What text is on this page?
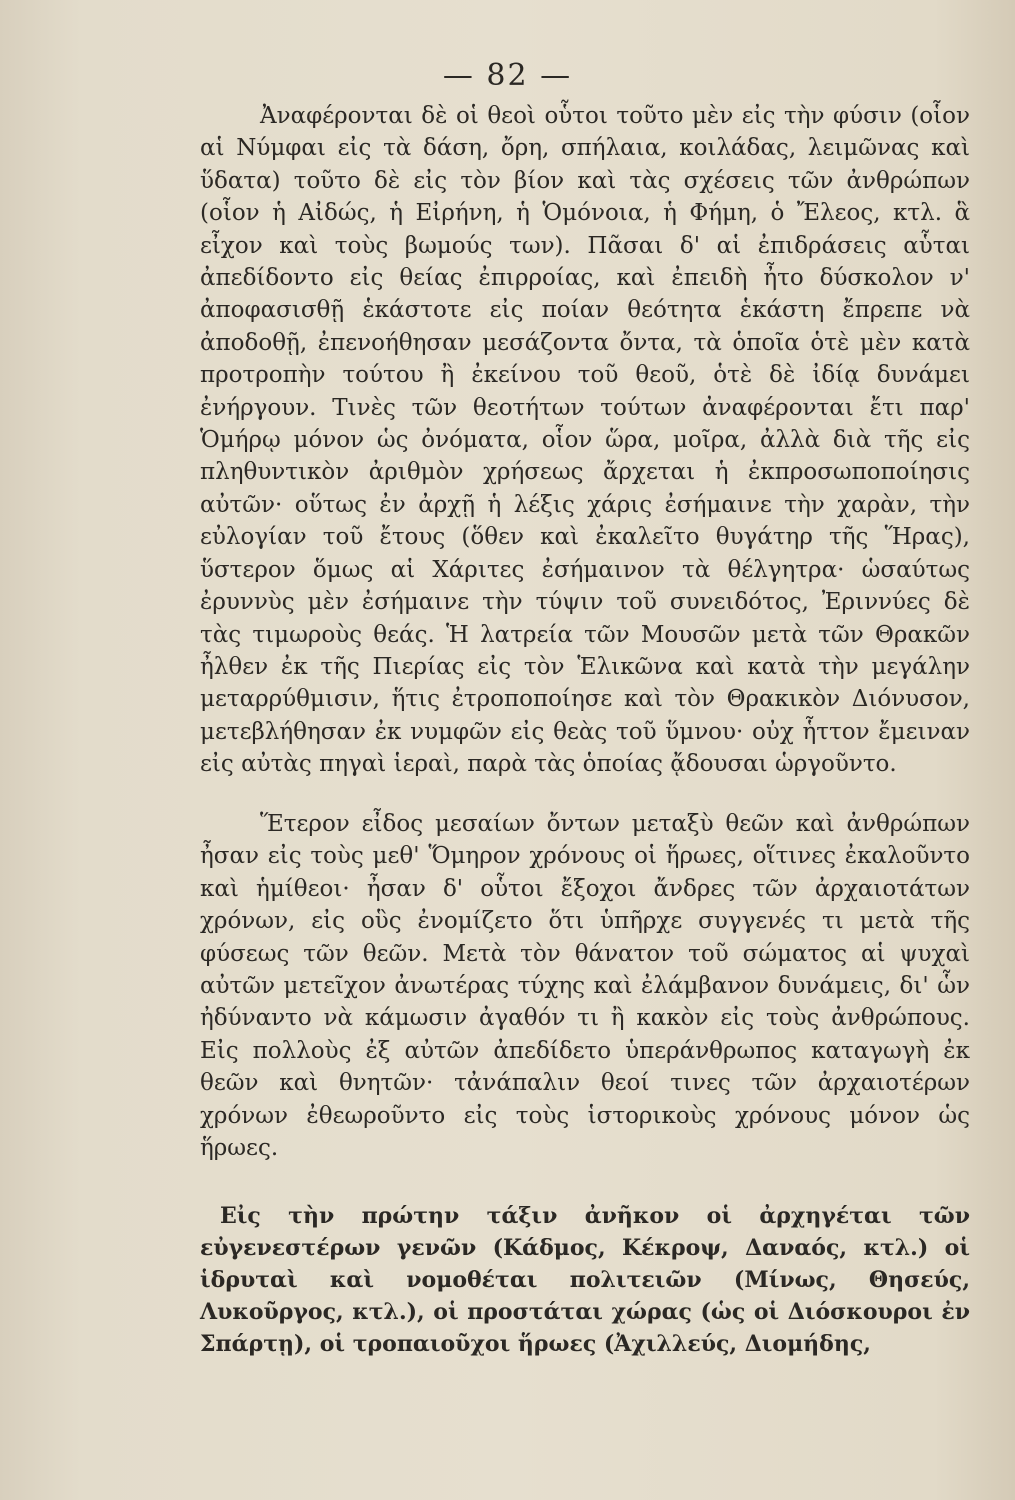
— 82 —

Ἀναφέρονται δὲ οἱ θεοὶ οὗτοι τοῦτο μὲν εἰς τὴν φύσιν (οἷον αἱ Νύμφαι εἰς τὰ δάση, ὄρη, σπήλαια, κοιλάδας, λειμῶνας καὶ ὕδατα) τοῦτο δὲ εἰς τὸν βίον καὶ τὰς σχέσεις τῶν ἀνθρώπων (οἷον ἡ Αἰδώς, ἡ Εἰρήνη, ἡ Ὁμόνοια, ἡ Φήμη, ὁ Ἔλεος, κτλ. ἃ εἶχον καὶ τοὺς βωμούς των). Πᾶσαι δ' αἱ ἐπιδράσεις αὗται ἀπεδίδοντο εἰς θείας ἐπιρροίας, καὶ ἐπειδὴ ἦτο δύσκολον ν' ἀποφασισθῇ ἑκάστοτε εἰς ποίαν θεότητα ἑκάστη ἔπρεπε νὰ ἀποδοθῇ, ἐπενοήθησαν μεσάζοντα ὄντα, τὰ ὁποῖα ὁτὲ μὲν κατὰ προτροπὴν τούτου ἢ ἐκείνου τοῦ θεοῦ, ὁτὲ δὲ ἰδίᾳ δυνάμει ἐνήργουν. Τινὲς τῶν θεοτήτων τούτων ἀναφέρονται ἔτι παρ' Ὁμήρῳ μόνον ὡς ὀνόματα, οἷον ὥρα, μοῖρα, ἀλλὰ διὰ τῆς εἰς πληθυντικὸν ἀριθμὸν χρήσεως ἄρχεται ἡ ἐκπροσωποποίησις αὐτῶν· οὕτως ἐν ἀρχῇ ἡ λέξις χάρις ἐσήμαινε τὴν χαρὰν, τὴν εὐλογίαν τοῦ ἔτους (ὅθεν καὶ ἐκαλεῖτο θυγάτηρ τῆς Ἥρας), ὕστερον ὅμως αἱ Χάριτες ἐσήμαινον τὰ θέλγητρα· ὡσαύτως ἐρυννὺς μὲν ἐσήμαινε τὴν τύψιν τοῦ συνειδότος, Ἐριννύες δὲ τὰς τιμωροὺς θεάς. Ἡ λατρεία τῶν Μουσῶν μετὰ τῶν Θρακῶν ἦλθεν ἐκ τῆς Πιερίας εἰς τὸν Ἑλικῶνα καὶ κατὰ τὴν μεγάλην μεταρρύθμισιν, ἥτις ἐτροποποίησε καὶ τὸν Θρακικὸν Διόνυσον, μετεβλήθησαν ἐκ νυμφῶν εἰς θεὰς τοῦ ὕμνου· οὐχ ἧττον ἔμειναν εἰς αὐτὰς πηγαὶ ἱεραὶ, παρὰ τὰς ὁποίας ᾄδουσαι ὡργοῦντο.

Ἕτερον εἶδος μεσαίων ὄντων μεταξὺ θεῶν καὶ ἀνθρώπων ἦσαν εἰς τοὺς μεθ' Ὅμηρον χρόνους οἱ ἥρωες, οἵτινες ἐκαλοῦντο καὶ ἡμίθεοι· ἦσαν δ' οὗτοι ἔξοχοι ἄνδρες τῶν ἀρχαιοτάτων χρόνων, εἰς οὓς ἐνομίζετο ὅτι ὑπῆρχε συγγενές τι μετὰ τῆς φύσεως τῶν θεῶν. Μετὰ τὸν θάνατον τοῦ σώματος αἱ ψυχαὶ αὐτῶν μετεῖχον ἀνωτέρας τύχης καὶ ἐλάμβανον δυνάμεις, δι' ὧν ἠδύναντο νὰ κάμωσιν ἀγαθόν τι ἢ κακὸν εἰς τοὺς ἀνθρώπους. Εἰς πολλοὺς ἐξ αὐτῶν ἀπεδίδετο ὑπεράνθρωπος καταγωγὴ ἐκ θεῶν καὶ θνητῶν· τἀνάπαλιν θεοί τινες τῶν ἀρχαιοτέρων χρόνων ἐθεωροῦντο εἰς τοὺς ἱστορικοὺς χρόνους μόνον ὡς ἥρωες.

Εἰς τὴν πρώτην τάξιν ἀνῆκον οἱ ἀρχηγέται τῶν εὐγενεστέρων γενῶν (Κάδμος, Κέκροψ, Δαναός, κτλ.) οἱ ἱδρυταὶ καὶ νομοθέται πολιτειῶν (Μίνως, Θησεύς, Λυκοῦργος, κτλ.), οἱ προστάται χώρας (ὡς οἱ Διόσκουροι ἐν Σπάρτῃ), οἱ τροπαιοῦχοι ἥρωες (Ἀχιλλεύς, Διομήδης,
